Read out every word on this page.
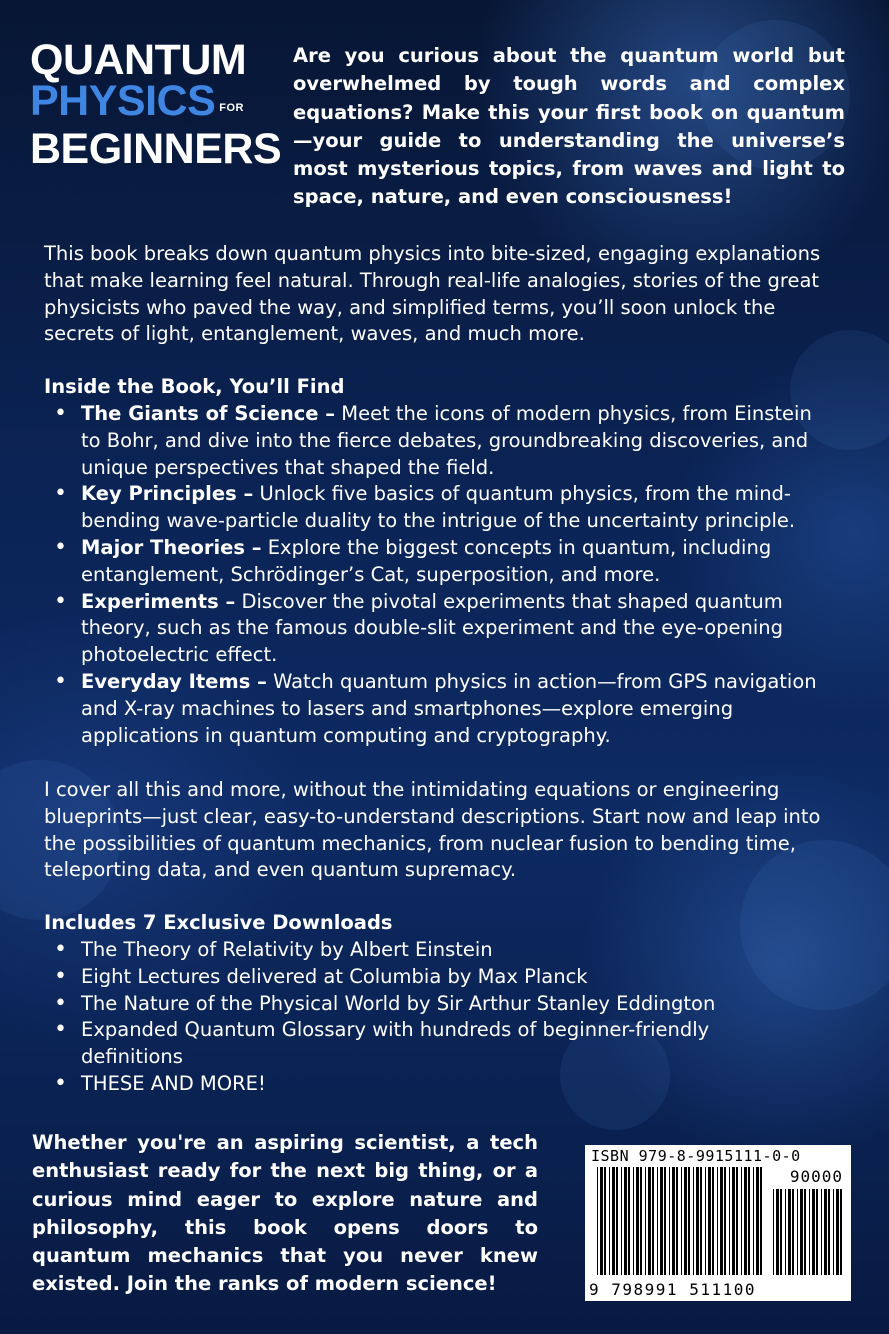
QUANTUM
PHYSICS FOR
BEGINNERS
Are you curious about the quantum world but overwhelmed by tough words and complex equations? Make this your first book on quantum—your guide to understanding the universe’s most mysterious topics, from waves and light to space, nature, and even consciousness!
This book breaks down quantum physics into bite-sized, engaging explanations that make learning feel natural. Through real-life analogies, stories of the great physicists who paved the way, and simplified terms, you’ll soon unlock the secrets of light, entanglement, waves, and much more.
Inside the Book, You’ll Find
• The Giants of Science – Meet the icons of modern physics, from Einstein to Bohr, and dive into the fierce debates, groundbreaking discoveries, and unique perspectives that shaped the field.
• Key Principles – Unlock five basics of quantum physics, from the mind-bending wave-particle duality to the intrigue of the uncertainty principle.
• Major Theories – Explore the biggest concepts in quantum, including entanglement, Schrödinger’s Cat, superposition, and more.
• Experiments – Discover the pivotal experiments that shaped quantum theory, such as the famous double-slit experiment and the eye-opening photoelectric effect.
• Everyday Items – Watch quantum physics in action—from GPS navigation and X-ray machines to lasers and smartphones—explore emerging applications in quantum computing and cryptography.
I cover all this and more, without the intimidating equations or engineering blueprints—just clear, easy-to-understand descriptions. Start now and leap into the possibilities of quantum mechanics, from nuclear fusion to bending time, teleporting data, and even quantum supremacy.
Includes 7 Exclusive Downloads
• The Theory of Relativity by Albert Einstein
• Eight Lectures delivered at Columbia by Max Planck
• The Nature of the Physical World by Sir Arthur Stanley Eddington
• Expanded Quantum Glossary with hundreds of beginner-friendly definitions
• THESE AND MORE!
Whether you're an aspiring scientist, a tech enthusiast ready for the next big thing, or a curious mind eager to explore nature and philosophy, this book opens doors to quantum mechanics that you never knew existed. Join the ranks of modern science!
ISBN 979-8-9915111-0-0
90000
9 798991 511100
